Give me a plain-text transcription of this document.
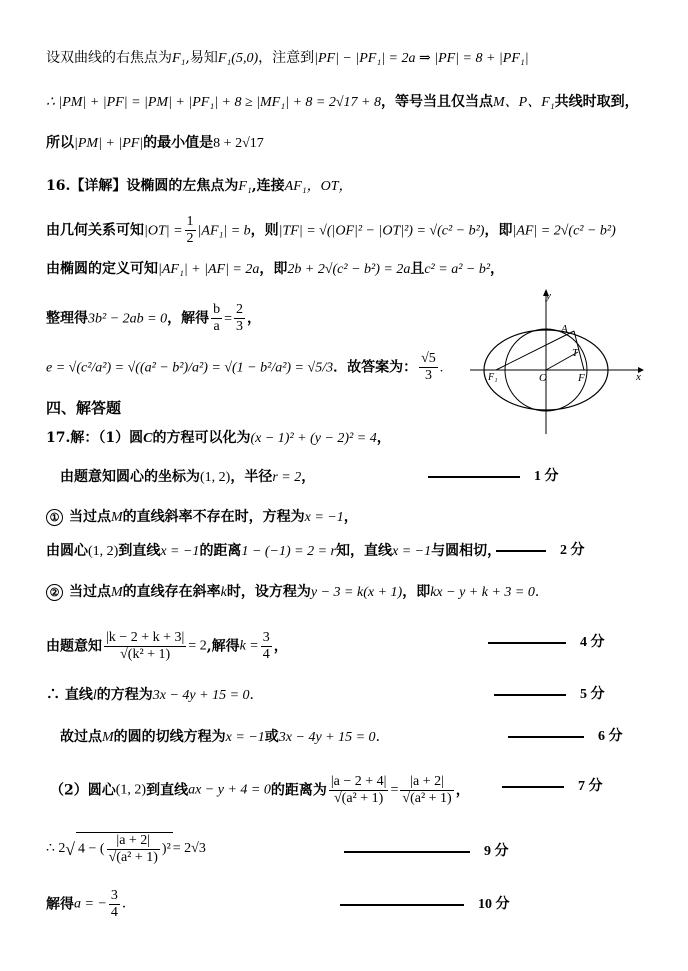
设双曲线的右焦点为F₁,易知F₁(5,0)，注意到|PF| − |PF₁| = 2a ⇒ |PF| = 8 + |PF₁|
∴ |PM| + |PF| = |PM| + |PF₁| + 8 ≥ |MF₁| + 8 = 2√17 + 8，等号当且仅当点M、P、F₁共线时取到，
所以|PM| + |PF|的最小值是8 + 2√17
16.【详解】设椭圆的左焦点为F₁,连接AF₁，OT，
由几何关系可知$|OT| = \frac{1}{2} |AF_1| = b$，则|TF| = √(|OF|² − |OT|²) = √(c² − b²)，即|AF| = 2√(c² − b²)
由椭圆的定义可知|AF₁| + |AF| = 2a，即2b + 2√(c² − b²) = 2a且c² = a² − b²，
整理得3b² − 2ab = 0，解得 $\frac{b}{a} = \frac{2}{3}$ ，
e = √(c²/a²) = √((a² − b²)/a²) = √(1 − b²/a²) = √5/3．故答案为： $\frac{√5}{3}$ .
y
x
A
T
F₁	O	F
四、解答题
17.解：（1）圆C的方程可以化为(x − 1)² + (y − 2)² = 4，
由题意知圆心的坐标为(1, 2)，半径r = 2，	1 分
① 当过点M的直线斜率不存在时，方程为x = −1，
由圆心(1, 2)到直线x = −1的距离1 − (−1) = 2 = r知，直线x = −1与圆相切，	2 分
② 当过点M的直线存在斜率k时，设方程为y − 3 = k(x + 1)，即kx − y + k + 3 = 0．
由题意知 $\frac{|k - 2 + k + 3|}{\text{√(k² + 1)}} = 2$,解得$k = \frac{3}{4}$ ，	4 分
∴ 直线l的方程为3x − 4y + 15 = 0．	5 分
故过点M的圆的切线方程为x = −1或3x − 4y + 15 = 0．	6 分
（2）圆心(1, 2)到直线ax − y + 4 = 0的距离为 $\frac{|a - 2 + 4|}{\text{√(a² + 1)}} = \frac{|a + 2|}{\text{√(a² + 1)}}$ ，	7 分
∴ 2√ 4 − ( $\frac{|a + 2|}{\text{√(a² + 1)}} )^2 = 2√3$	9 分
解得a = − $\frac{3}{4}$ ．	10 分
